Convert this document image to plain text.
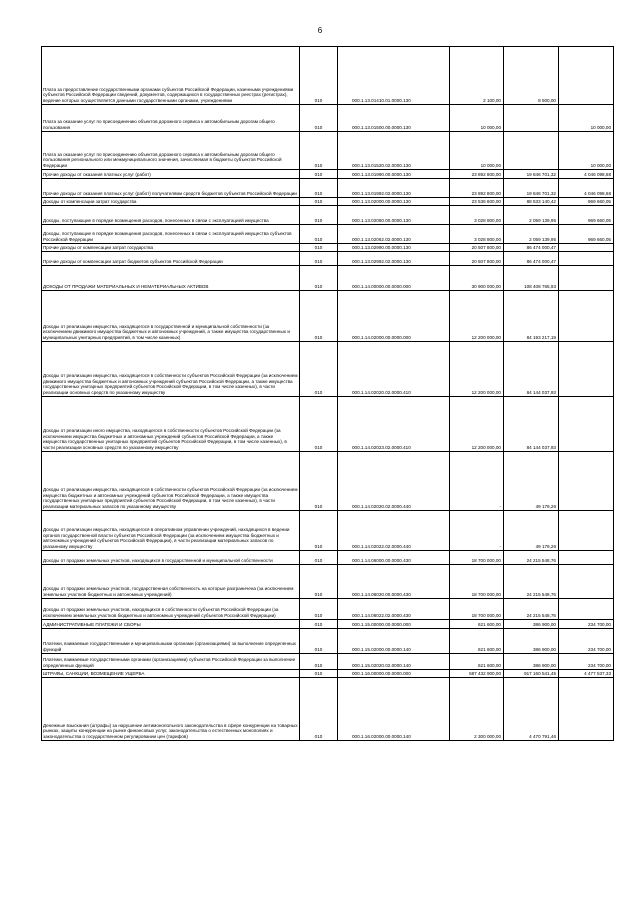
6
Плата за предоставление государственными органами субъектов Российской Федерации, казенными учреждениями субъектов Российской Федерации сведений, документов, содержащихся в государственных реестрах (регистрах), ведение которых осуществляется данными государственными органами, учреждениями	010	000.1.13.01410.01.0000.130	2 100,00	8 500,00	
Плата за оказание услуг по присоединению объектов дорожного сервиса к автомобильным дорогам общего пользования	010	000.1.13.01500.00.0000.130	10 000,00		10 000,00
Плата за оказание услуг по присоединению объектов дорожного сервиса к автомобильным дорогам общего пользования регионального или межмуниципального значения, зачисляемая в бюджеты субъектов Российской Федерации	010	000.1.13.01520.02.0000.130	10 000,00		10 000,00
Прочие доходы от оказания платных услуг (работ)	010	000.1.13.01990.00.0000.130	23 892 800,00	19 846 701,32	4 046 098,68
Прочие доходы от оказания платных услуг (работ) получателями средств бюджетов субъектов Российской Федерации	010	000.1.13.01992.02.0000.130	23 892 800,00	19 846 701,32	4 046 098,68
Доходы от компенсации затрат государства	010	000.1.13.02000.00.0000.130	23 536 600,00	88 533 140,42	969 660,05
Доходы, поступающие в порядке возмещения расходов, понесенных в связи с эксплуатацией имущества	010	000.1.13.02060.00.0000.130	3 028 800,00	2 059 139,95	969 660,05
Доходы, поступающие в порядке возмещения расходов, понесенных в связи с эксплуатацией имущества субъектов Российской Федерации	010	000.1.13.02062.02.0000.130	3 028 800,00	2 059 139,95	969 660,05
Прочие доходы от компенсации затрат государства	010	000.1.13.02990.00.0000.130	20 507 800,00	86 474 000,47	
Прочие доходы от компенсации затрат бюджетов субъектов Российской Федерации	010	000.1.13.02992.02.0000.130	20 507 800,00	86 474 000,47	
ДОХОДЫ ОТ ПРОДАЖИ МАТЕРИАЛЬНЫХ И НЕМАТЕРИАЛЬНЫХ АКТИВОВ	010	000.1.14.00000.00.0000.000	30 900 000,00	108 408 765,93	
Доходы от реализации имущества, находящегося в государственной и муниципальной собственности (за исключением движимого имущества бюджетных и автономных учреждений, а также имущества государственных и муниципальных унитарных предприятий, в том числе казенных)	010	000.1.14.02000.00.0000.000	12 200 000,00	84 193 217,19	
Доходы от реализации имущества, находящегося в собственности субъектов Российской Федерации (за исключением движимого имущества бюджетных и автономных учреждений субъектов Российской Федерации, а также имущества государственных унитарных предприятий субъектов Российской Федерации, в том числе казенных), в части реализации основных средств по указанному имуществу	010	000.1.14.02020.02.0000.410	12 200 000,00	84 144 037,93	
Доходы от реализации иного имущества, находящегося в собственности субъектов Российской Федерации (за исключением имущества бюджетных и автономных учреждений субъектов Российской Федерации, а также имущества государственных унитарных предприятий субъектов Российской Федерации, в том числе казенных), в части реализации основных средств по указанному имуществу	010	000.1.14.02023.02.0000.410	12 200 000,00	84 144 037,93	
Доходы от реализации имущества, находящегося в собственности субъектов Российской Федерации (за исключением имущества бюджетных и автономных учреждений субъектов Российской Федерации, а также имущества государственных унитарных предприятий субъектов Российской Федерации, в том числе казенных), в части реализации материальных запасов по указанному имуществу	010	000.1.14.02020.02.0000.440	-	49 179,26	
Доходы от реализации имущества, находящегося в оперативном управлении учреждений, находящихся в ведении органов государственной власти субъектов Российской Федерации (за исключением имущества бюджетных и автономных учреждений субъектов Российской Федерации), в части реализации материальных запасов по указанному имуществу	010	000.1.14.02022.02.0000.440	-	49 179,26	
Доходы от продажи земельных участков, находящихся в государственной и муниципальной собственности	010	000.1.14.06000.00.0000.430	18 700 000,00	24 215 548,76	
Доходы от продажи земельных участков, государственная собственность на которые разграничена (за исключением земельных участков бюджетных и автономных учреждений)	010	000.1.14.06020.00.0000.430	18 700 000,00	24 215 548,76	
Доходы от продажи земельных участков, находящихся в собственности субъектов Российской Федерации (за исключением земельных участков бюджетных и автономных учреждений субъектов Российской Федерации)	010	000.1.14.06022.02.0000.430	18 700 000,00	24 215 548,76	
АДМИНИСТРАТИВНЫЕ ПЛАТЕЖИ И СБОРЫ	010	000.1.15.00000.00.0000.000	621 600,00	386 900,00	234 700,00
Платежи, взимаемые государственными и муниципальными органами (организациями) за выполнение определенных функций	010	000.1.15.02000.00.0000.140	621 600,00	386 900,00	234 700,00
Платежи, взимаемые государственными органами (организациями) субъектов Российской Федерации за выполнение определенных функций	010	000.1.15.02020.02.0000.140	621 600,00	386 900,00	234 700,00
ШТРАФЫ, САНКЦИИ, ВОЗМЕЩЕНИЕ УЩЕРБА	010	000.1.16.00000.00.0000.000	587 432 900,00	917 160 541,45	4 477 537,33
Денежные взыскания (штрафы) за нарушение антимонопольного законодательства в сфере конкуренции на товарных рынках, защиты конкуренции на рынке финансовых услуг, законодательства о естественных монополиях и законодательства о государственном регулировании цен (тарифов)	010	000.1.16.02000.00.0000.140	2 300 000,00	4 470 791,46	
